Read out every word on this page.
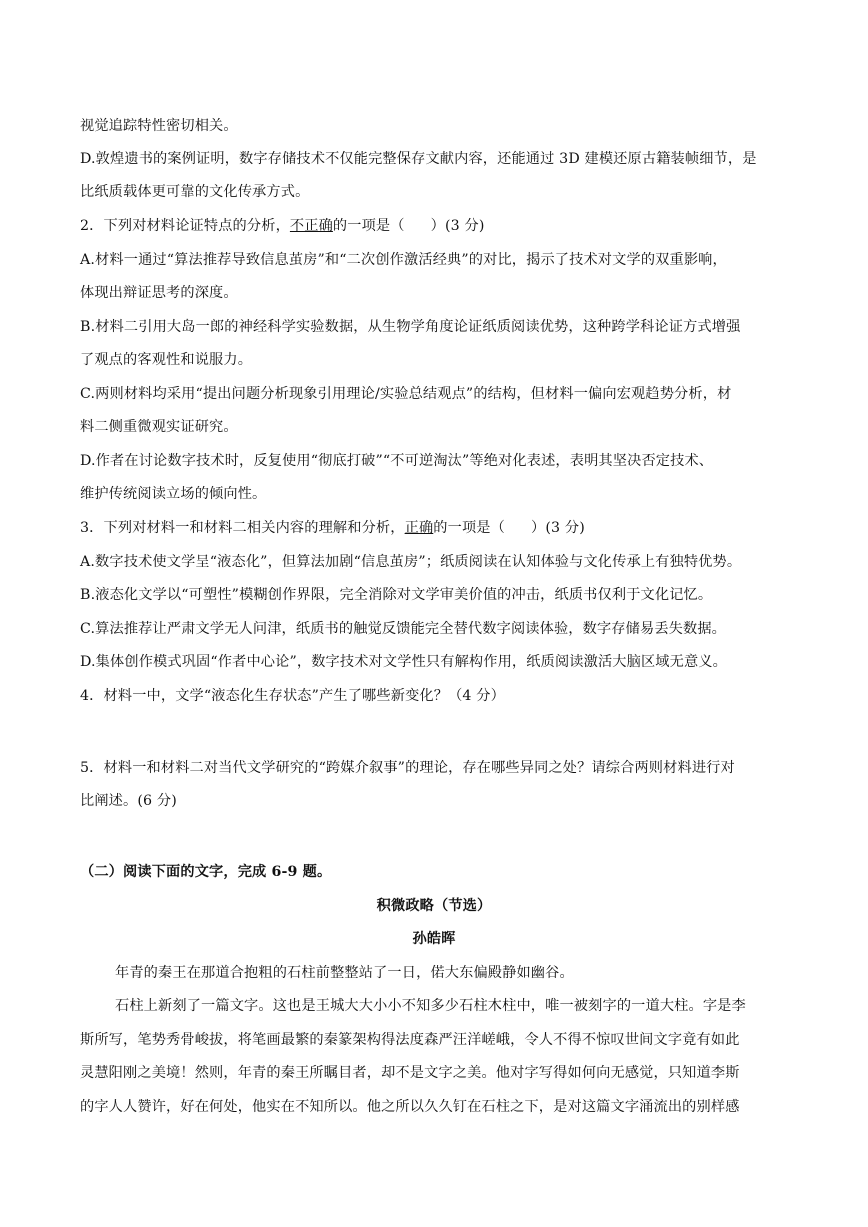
视觉追踪特性密切相关。
D.敦煌遗书的案例证明，数字存储技术不仅能完整保存文献内容，还能通过 3D 建模还原古籍装帧细节，是
比纸质载体更可靠的文化传承方式。
2．下列对材料论证特点的分析，不正确的一项是（ ）(3 分)
A.材料一通过“算法推荐导致信息茧房”和“二次创作激活经典”的对比，揭示了技术对文学的双重影响，
体现出辩证思考的深度。
B.材料二引用大岛一郎的神经科学实验数据，从生物学角度论证纸质阅读优势，这种跨学科论证方式增强
了观点的客观性和说服力。
C.两则材料均采用“提出问题分析现象引用理论/实验总结观点”的结构，但材料一偏向宏观趋势分析，材
料二侧重微观实证研究。
D.作者在讨论数字技术时，反复使用“彻底打破”“不可逆淘汰”等绝对化表述，表明其坚决否定技术、
维护传统阅读立场的倾向性。
3．下列对材料一和材料二相关内容的理解和分析，正确的一项是（ ）(3 分)
A.数字技术使文学呈“液态化”，但算法加剧“信息茧房”；纸质阅读在认知体验与文化传承上有独特优势。
B.液态化文学以“可塑性”模糊创作界限，完全消除对文学审美价值的冲击，纸质书仅利于文化记忆。
C.算法推荐让严肃文学无人问津，纸质书的触觉反馈能完全替代数字阅读体验，数字存储易丢失数据。
D.集体创作模式巩固“作者中心论”，数字技术对文学性只有解构作用，纸质阅读激活大脑区域无意义。
4．材料一中，文学“液态化生存状态”产生了哪些新变化？（4 分）
5．材料一和材料二对当代文学研究的“跨媒介叙事”的理论，存在哪些异同之处？请综合两则材料进行对
比阐述。(6 分)
（二）阅读下面的文字，完成 6-9 题。
积微政略（节选）
孙皓晖
年青的秦王在那道合抱粗的石柱前整整站了一日，偌大东偏殿静如幽谷。
石柱上新刻了一篇文字。这也是王城大大小小不知多少石柱木柱中，唯一被刻字的一道大柱。字是李
斯所写，笔势秀骨峻拔，将笔画最繁的秦篆架构得法度森严汪洋嵯峨，令人不得不惊叹世间文字竟有如此
灵慧阳刚之美境！然则，年青的秦王所瞩目者，却不是文字之美。他对字写得如何向无感觉，只知道李斯
的字人人赞许，好在何处，他实在不知所以。他之所以久久钉在石柱之下，是对这篇文字涌流出的别样感
